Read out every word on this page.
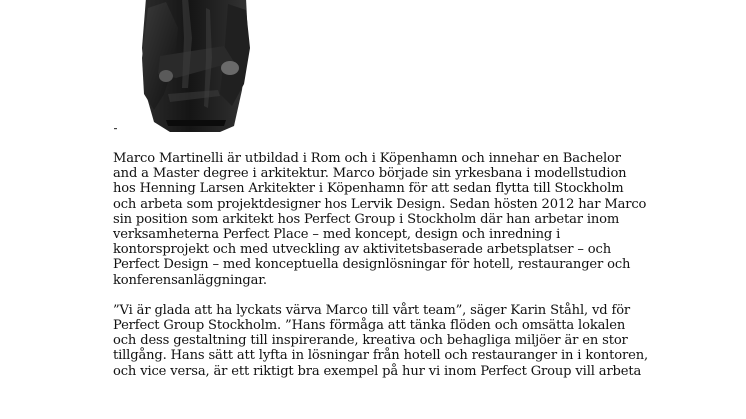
Marco Martinelli är utbildad i Rom och i Köpenhamn och innehar en Bachelor
and a Master degree i arkitektur. Marco började sin yrkesbana i modellstudion
hos Henning Larsen Arkitekter i Köpenhamn för att sedan flytta till Stockholm
och arbeta som projektdesigner hos Lervik Design. Sedan hösten 2012 har Marco
sin position som arkitekt hos Perfect Group i Stockholm där han arbetar inom
verksamheterna Perfect Place – med koncept, design och inredning i
kontorsprojekt och med utveckling av aktivitetsbaserade arbetsplatser – och
Perfect Design – med konceptuella designlösningar för hotell, restauranger och
konferensanläggningar.

”Vi är glada att ha lyckats värva Marco till vårt team”, säger Karin Ståhl, vd för
Perfect Group Stockholm. ”Hans förmåga att tänka flöden och omsätta lokalen
och dess gestaltning till inspirerande, kreativa och behagliga miljöer är en stor
tillgång. Hans sätt att lyfta in lösningar från hotell och restauranger in i kontoren,
och vice versa, är ett riktigt bra exempel på hur vi inom Perfect Group vill arbeta
